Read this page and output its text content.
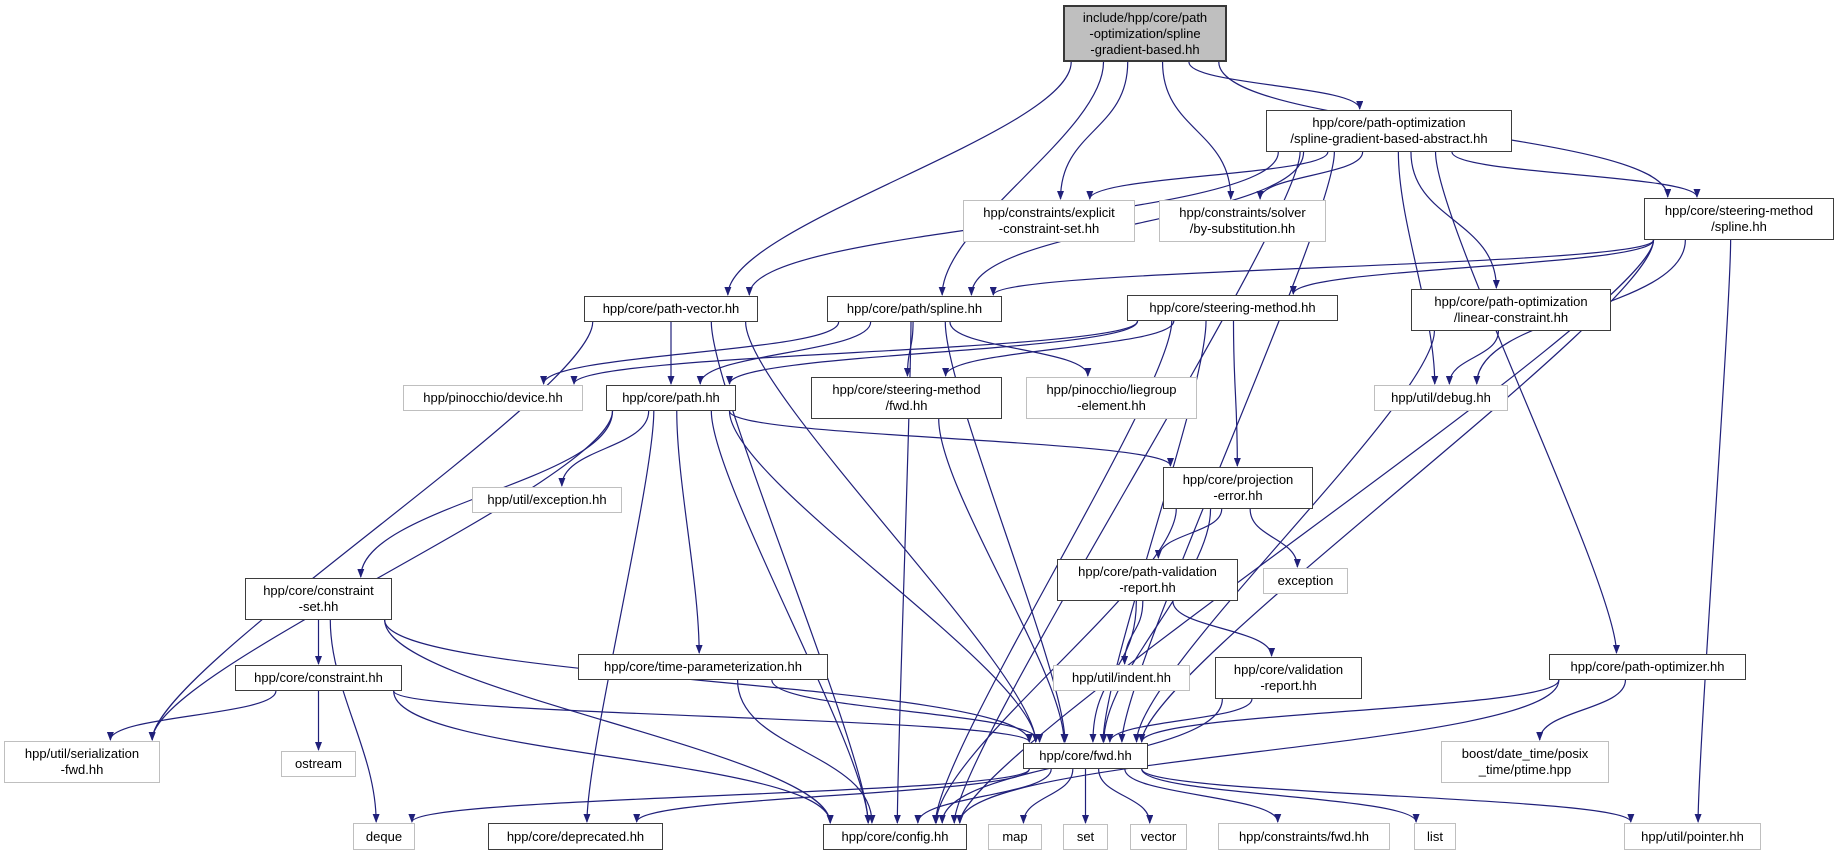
include/hpp/core/path
-optimization/spline
-gradient-based.hh
hpp/core/path-optimization
/spline-gradient-based-abstract.hh
hpp/constraints/explicit
-constraint-set.hh
hpp/constraints/solver
/by-substitution.hh
hpp/core/steering-method
/spline.hh
hpp/core/path-optimization
/linear-constraint.hh
hpp/core/path-vector.hh	hpp/core/path/spline.hh	hpp/core/steering-method.hh
hpp/pinocchio/device.hh	hpp/core/path.hh
hpp/core/steering-method
/fwd.hh
hpp/pinocchio/liegroup
-element.hh
hpp/util/debug.hh
hpp/util/exception.hh
hpp/core/projection
-error.hh
hpp/core/constraint
-set.hh
hpp/core/path-validation
-report.hh	exception
hpp/core/constraint.hh
hpp/core/time-parameterization.hh
hpp/util/indent.hh
hpp/core/validation
-report.hh
hpp/core/path-optimizer.hh
hpp/util/serialization
-fwd.hh	ostream
hpp/core/fwd.hh	boost/date_time/posix
_time/ptime.hpp
deque	hpp/core/deprecated.hh	hpp/core/config.hh	map	set	vector	hpp/constraints/fwd.hh	list	hpp/util/pointer.hh
